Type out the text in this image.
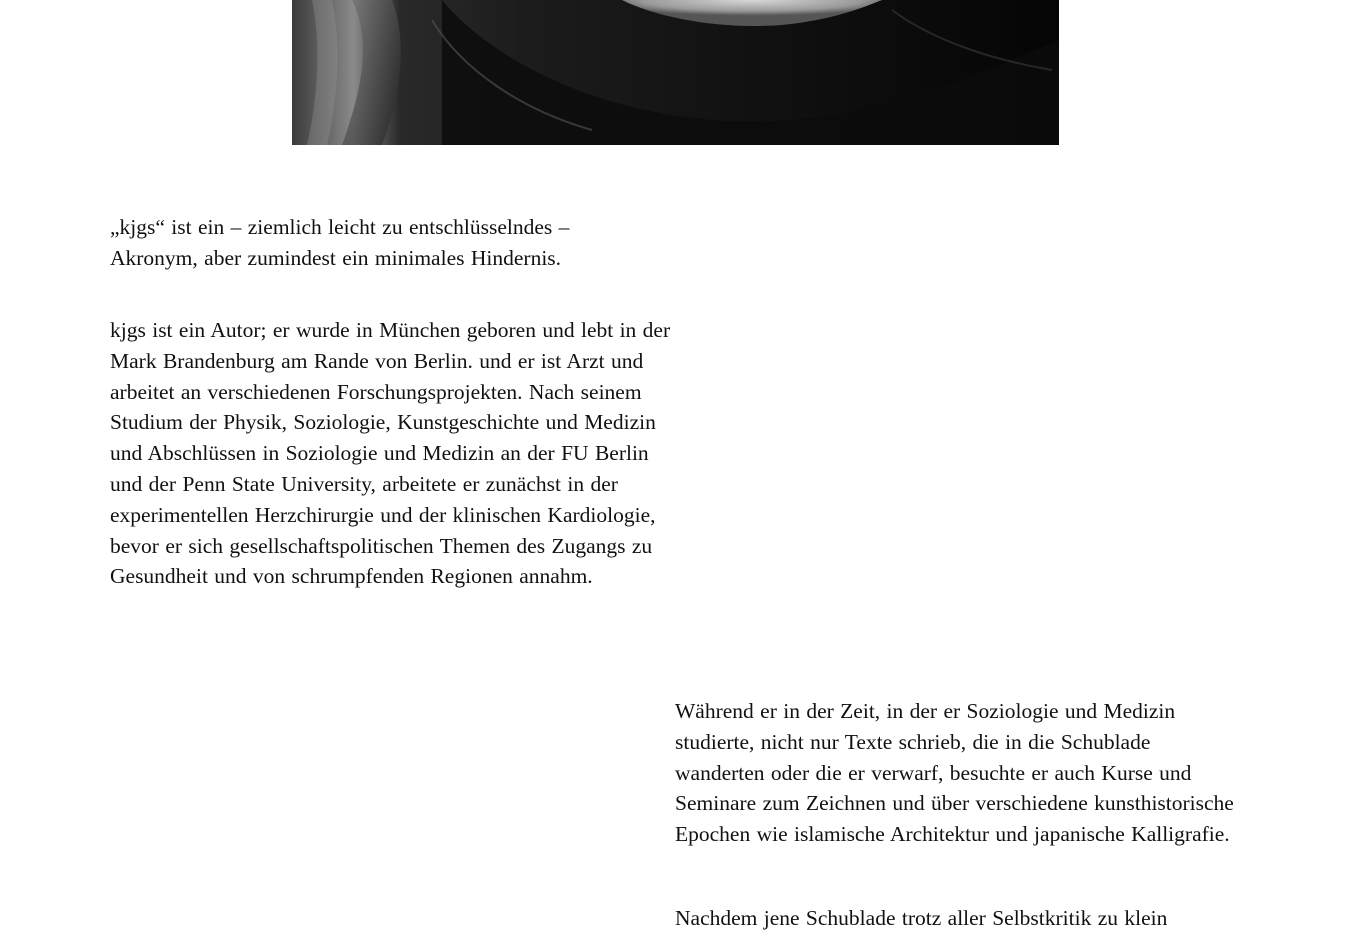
„kjgs“ ist ein – ziemlich leicht zu entschlüsselndes – Akronym, aber zumindest ein minimales Hindernis.

kjgs ist ein Autor; er wurde in München geboren und lebt in der Mark Brandenburg am Rande von Berlin. und er ist Arzt und arbeitet an verschiedenen Forschungsprojekten. Nach seinem Studium der Physik, Soziologie, Kunstgeschichte und Medizin und Abschlüssen in Soziologie und Medizin an der FU Berlin und der Penn State University, arbeitete er zunächst in der experimentellen Herzchirurgie und der klinischen Kardiologie, bevor er sich gesellschaftspolitischen Themen des Zugangs zu Gesundheit und von schrumpfenden Regionen annahm.

Während er in der Zeit, in der er Soziologie und Medizin studierte, nicht nur Texte schrieb, die in die Schublade wanderten oder die er verwarf, besuchte er auch Kurse und Seminare zum Zeichnen und über verschiedene kunsthistorische Epochen wie islamische Architektur und japanische Kalligrafie.

Nachdem jene Schublade trotz aller Selbstkritik zu klein
